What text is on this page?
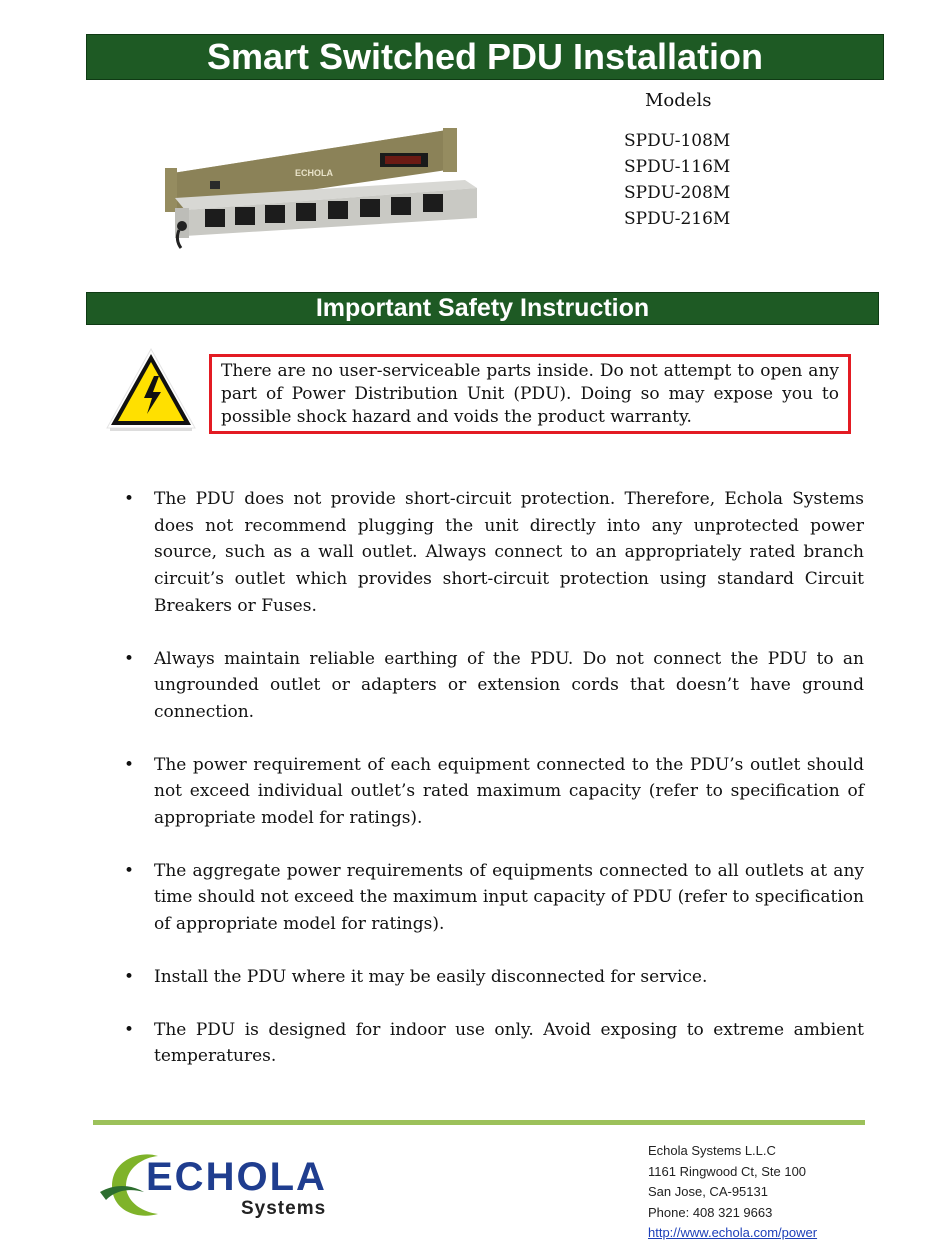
Smart Switched PDU Installation
ECHOLA
Models
SPDU-108M
SPDU-116M
SPDU-208M
SPDU-216M
Important Safety Instruction
There are no user-serviceable parts inside. Do not attempt to open any part of Power Distribution Unit (PDU). Doing so may expose you to possible shock hazard and voids the product warranty.
• The PDU does not provide short-circuit protection. Therefore, Echola Systems does not recommend plugging the unit directly into any unprotected power source, such as a wall outlet. Always connect to an appropriately rated branch circuit’s outlet which provides short-circuit protection using standard Circuit Breakers or Fuses.
• Always maintain reliable earthing of the PDU. Do not connect the PDU to an ungrounded outlet or adapters or extension cords that doesn’t have ground connection.
• The power requirement of each equipment connected to the PDU’s outlet should not exceed individual outlet’s rated maximum capacity (refer to specification of appropriate model for ratings).
• The aggregate power requirements of equipments connected to all outlets at any time should not exceed the maximum input capacity of PDU (refer to specification of appropriate model for ratings).
• Install the PDU where it may be easily disconnected for service.
• The PDU is designed for indoor use only. Avoid exposing to extreme ambient temperatures.
ECHOLA
Systems
Echola Systems L.L.C
1161 Ringwood Ct, Ste 100
San Jose, CA-95131
Phone: 408 321 9663
http://www.echola.com/power
